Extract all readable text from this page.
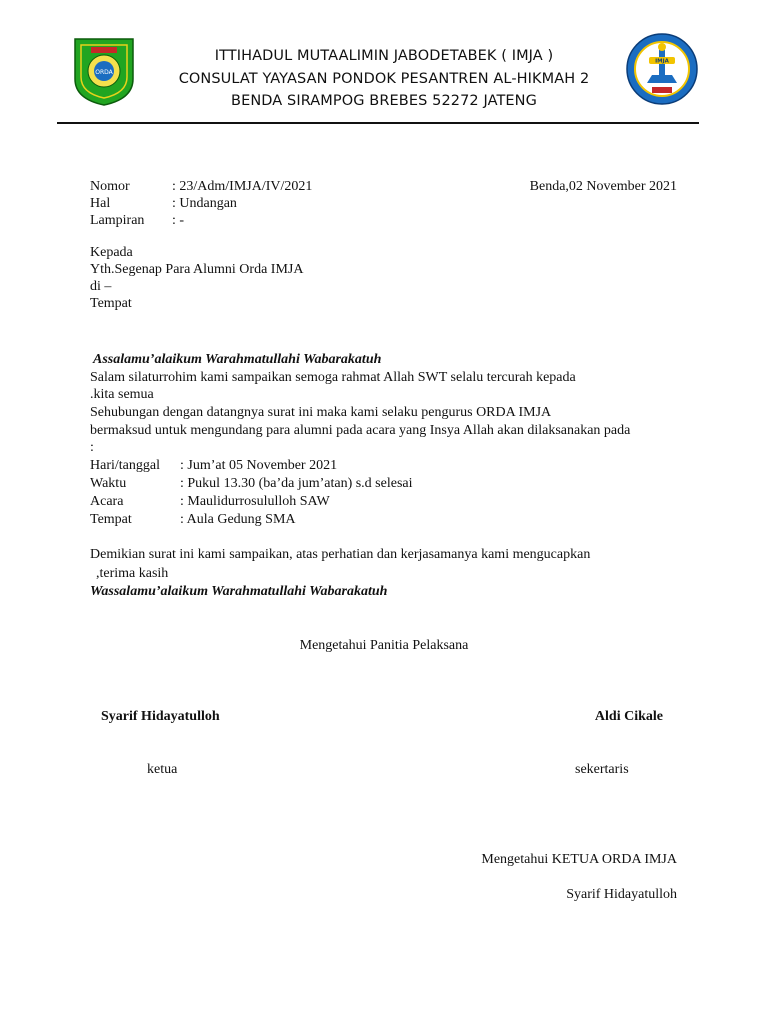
ORDA
IMJA
ITTIHADUL MUTAALIMIN JABODETABEK ( IMJA )
CONSULAT YAYASAN PONDOK PESANTREN AL-HIKMAH 2
BENDA SIRAMPOG BREBES 52272 JATENG
Nomor	: 23/Adm/IMJA/IV/2021
Hal	: Undangan
Lampiran : -
Benda,02 November 2021
Kepada
Yth.Segenap Para Alumni Orda IMJA
di –
Tempat
Assalamu’alaikum Warahmatullahi Wabarakatuh
Salam silaturrohim kami sampaikan semoga rahmat Allah SWT selalu tercurah kepada
.kita semua
Sehubungan dengan datangnya surat ini maka kami selaku pengurus ORDA IMJA
bermaksud untuk mengundang para alumni pada acara yang Insya Allah akan dilaksanakan pada
:
Hari/tanggal : Jum’at 05 November 2021
Waktu	: Pukul 13.30 (ba’da jum’atan) s.d selesai
Acara	: Maulidurrosululloh SAW
Tempat	: Aula Gedung SMA
Demikian surat ini kami sampaikan, atas perhatian dan kerjasamanya kami mengucapkan
,terima kasih
Wassalamu’alaikum Warahmatullahi Wabarakatuh
Mengetahui Panitia Pelaksana
Syarif Hidayatulloh	Aldi Cikale
ketua	sekertaris
Mengetahui KETUA ORDA IMJA
Syarif Hidayatulloh
